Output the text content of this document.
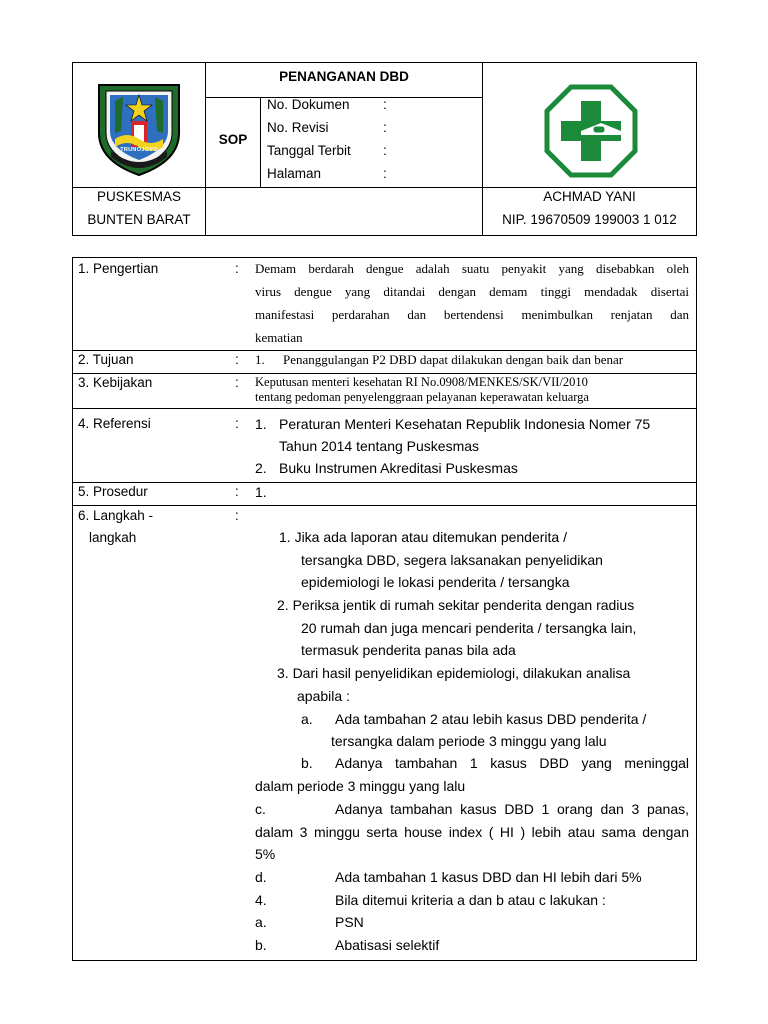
TRUNOJOYO
PENANGANAN DBD
SOP
No. Dokumen :
No. Revisi	:
Tanggal Terbit :
Halaman	:
PUSKESMAS
BUNTEN BARAT
ACHMAD YANI
NIP. 19670509 199003 1 012
1. Pengertian	: Demam berdarah dengue adalah suatu penyakit yang disebabkan oleh
virus dengue yang ditandai dengan demam tinggi mendadak disertai
manifestasi perdarahan dan bertendensi menimbulkan renjatan dan
kematian
2. Tujuan	: 1. Penanggulangan P2 DBD dapat dilakukan dengan baik dan benar
3. Kebijakan	: Keputusan menteri kesehatan RI No.0908/MENKES/SK/VII/2010
tentang pedoman penyelenggraan pelayanan keperawatan keluarga
4. Referensi	: 1. Peraturan Menteri Kesehatan Republik Indonesia Nomer 75
Tahun 2014 tentang Puskesmas
2. Buku Instrumen Akreditasi Puskesmas
5. Prosedur	: 1.
6. Langkah -
langkah
:
1. Jika ada laporan atau ditemukan penderita /
tersangka DBD, segera laksanakan penyelidikan
epidemiologi le lokasi penderita / tersangka
2. Periksa jentik di rumah sekitar penderita dengan radius
20 rumah dan juga mencari penderita / tersangka lain,
termasuk penderita panas bila ada
3. Dari hasil penyelidikan epidemiologi, dilakukan analisa
apabila :
a. Ada tambahan 2 atau lebih kasus DBD penderita /
tersangka dalam periode 3 minggu yang lalu
b. Adanya tambahan 1 kasus DBD yang meninggal
dalam periode 3 minggu yang lalu
c.	Adanya tambahan kasus DBD 1 orang dan 3 panas,
dalam 3 minggu serta house index ( HI ) lebih atau sama dengan
5%
d.	Ada tambahan 1 kasus DBD dan HI lebih dari 5%
4.	Bila ditemui kriteria a dan b atau c lakukan :
a.	PSN
b.	Abatisasi selektif
